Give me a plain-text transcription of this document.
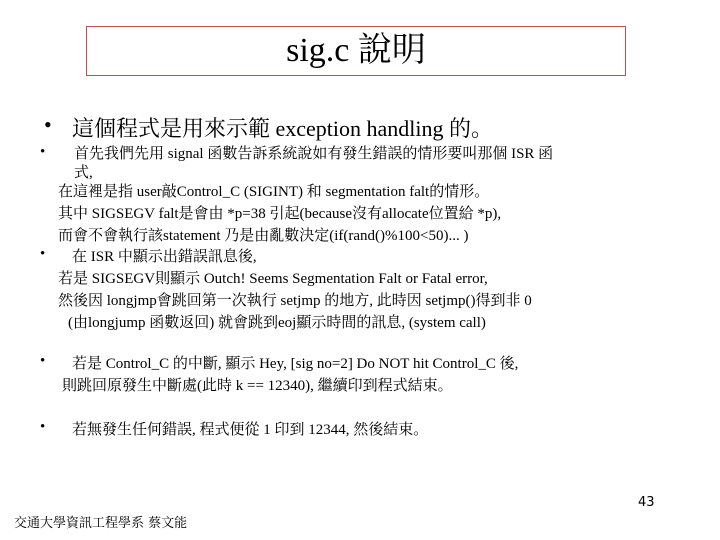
sig.c 說明
• 這個程式是用來示範 exception handling 的。
• 首先我們先用 signal 函數告訴系統說如有發生錯誤的情形要叫那個 ISR 函
式,
在這裡是指 user敲Control_C (SIGINT) 和 segmentation falt的情形。
其中 SIGSEGV falt是會由 *p=38 引起(because沒有allocate位置給 *p),
而會不會執行該statement 乃是由亂數決定(if(rand()%100<50)... )
• 在 ISR 中顯示出錯誤訊息後,
若是 SIGSEGV則顯示 Outch! Seems Segmentation Falt or Fatal error,
然後因 longjmp會跳回第一次執行 setjmp 的地方, 此時因 setjmp()得到非 0
(由longjump 函數返回) 就會跳到eoj顯示時間的訊息, (system call)
• 若是 Control_C 的中斷, 顯示 Hey, [sig no=2] Do NOT hit Control_C 後,
則跳回原發生中斷處(此時 k == 12340), 繼續印到程式結束。
• 若無發生任何錯誤, 程式便從 1 印到 12344, 然後結束。
43
交通大學資訊工程學系 蔡文能
